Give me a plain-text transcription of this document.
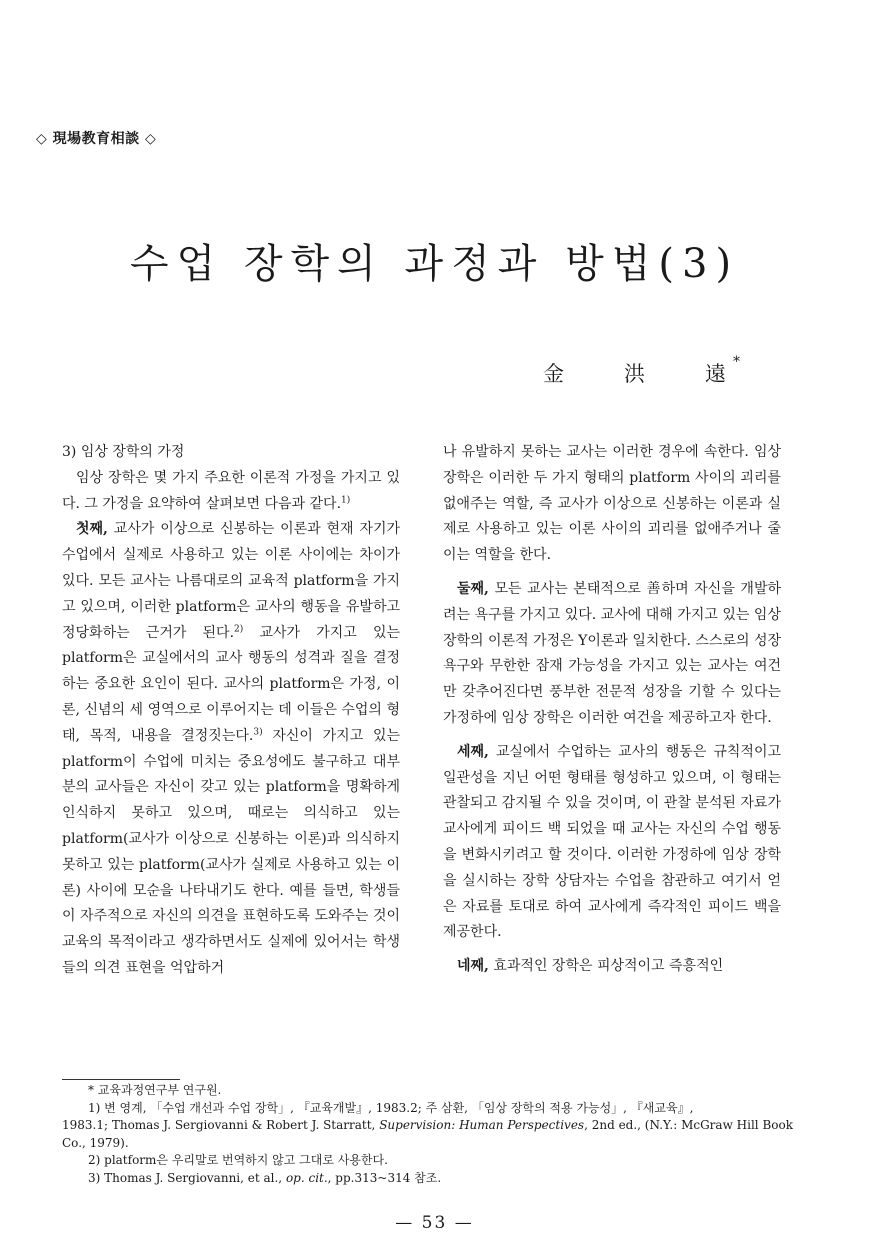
◇ 現場教育相談 ◇
수업 장학의 과정과 방법(3)
金	洪	遠 *

3) 임상 장학의 가정

임상 장학은 몇 가지 주요한 이론적 가정을 가지고 있다. 그 가정을 요약하여 살펴보면 다음과 같다.$^{1)}$

첫째, 교사가 이상으로 신봉하는 이론과 현재 자기가 수업에서 실제로 사용하고 있는 이론 사이에는 차이가 있다. 모든 교사는 나름대로의 교육적 platform을 가지고 있으며, 이러한 platform은 교사의 행동을 유발하고 정당화하는 근거가 된다.$^{2)}$ 교사가 가지고 있는 platform은 교실에서의 교사 행동의 성격과 질을 결정하는 중요한 요인이 된다. 교사의 platform은 가정, 이론, 신념의 세 영역으로 이루어지는 데 이들은 수업의 형태, 목적, 내용을 결정짓는다.$^{3)}$ 자신이 가지고 있는 platform이 수업에 미치는 중요성에도 불구하고 대부분의 교사들은 자신이 갖고 있는 platform을 명확하게 인식하지 못하고 있으며, 때로는 의식하고 있는 platform(교사가 이상으로 신봉하는 이론)과 의식하지 못하고 있는 platform(교사가 실제로 사용하고 있는 이론) 사이에 모순을 나타내기도 한다. 예를 들면, 학생들이 자주적으로 자신의 의견을 표현하도록 도와주는 것이 교육의 목적이라고 생각하면서도 실제에 있어서는 학생들의 의견 표현을 억압하거

나 유발하지 못하는 교사는 이러한 경우에 속한다. 임상 장학은 이러한 두 가지 형태의 platform 사이의 괴리를 없애주는 역할, 즉 교사가 이상으로 신봉하는 이론과 실제로 사용하고 있는 이론 사이의 괴리를 없애주거나 줄이는 역할을 한다.

둘째, 모든 교사는 본태적으로 善하며 자신을 개발하려는 욕구를 가지고 있다. 교사에 대해 가지고 있는 임상 장학의 이론적 가정은 Y이론과 일치한다. 스스로의 성장 욕구와 무한한 잠재 가능성을 가지고 있는 교사는 여건만 갖추어진다면 풍부한 전문적 성장을 기할 수 있다는 가정하에 임상 장학은 이러한 여건을 제공하고자 한다.

세째, 교실에서 수업하는 교사의 행동은 규칙적이고 일관성을 지닌 어떤 형태를 형성하고 있으며, 이 형태는 관찰되고 감지될 수 있을 것이며, 이 관찰 분석된 자료가 교사에게 피이드 백 되었을 때 교사는 자신의 수업 행동을 변화시키려고 할 것이다. 이러한 가정하에 임상 장학을 실시하는 장학 상담자는 수업을 참관하고 여기서 얻은 자료를 토대로 하여 교사에게 즉각적인 피이드 백을 제공한다.

네째, 효과적인 장학은 피상적이고 즉흥적인

* 교육과정연구부 연구원.

1) 변 영계, 「수업 개선과 수업 장학」, 『교육개발』, 1983.2; 주 삼환, 「임상 장학의 적용 가능성」, 『새교육』,
1983.1; Thomas J. Sergiovanni & Robert J. Starratt, Supervision: Human Perspectives, 2nd ed., (N.Y.: McGraw Hill Book Co., 1979).

2) platform은 우리말로 번역하지 않고 그대로 사용한다.

3) Thomas J. Sergiovanni, et al., op. cit., pp.313~314 참조.

— 53 —
